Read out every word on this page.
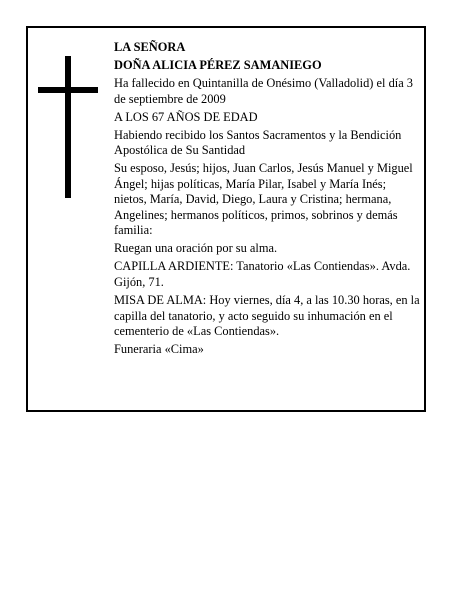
LA SEÑORA

DOÑA ALICIA PÉREZ SAMANIEGO

Ha fallecido en Quintanilla de Onésimo (Valladolid) el día 3 de septiembre de 2009

A LOS 67 AÑOS DE EDAD

Habiendo recibido los Santos Sacramentos y la Bendición Apostólica de Su Santidad

Su esposo, Jesús; hijos, Juan Carlos, Jesús Manuel y Miguel Ángel; hijas políticas, María Pilar, Isabel y María Inés; nietos, María, David, Diego, Laura y Cristina; hermana, Angelines; hermanos políticos, primos, sobrinos y demás familia:

Ruegan una oración por su alma.

CAPILLA ARDIENTE: Tanatorio «Las Contiendas». Avda. Gijón, 71.

MISA DE ALMA: Hoy viernes, día 4, a las 10.30 horas, en la capilla del tanatorio, y acto seguido su inhumación en el cementerio de «Las Contiendas».

Funeraria «Cima»
